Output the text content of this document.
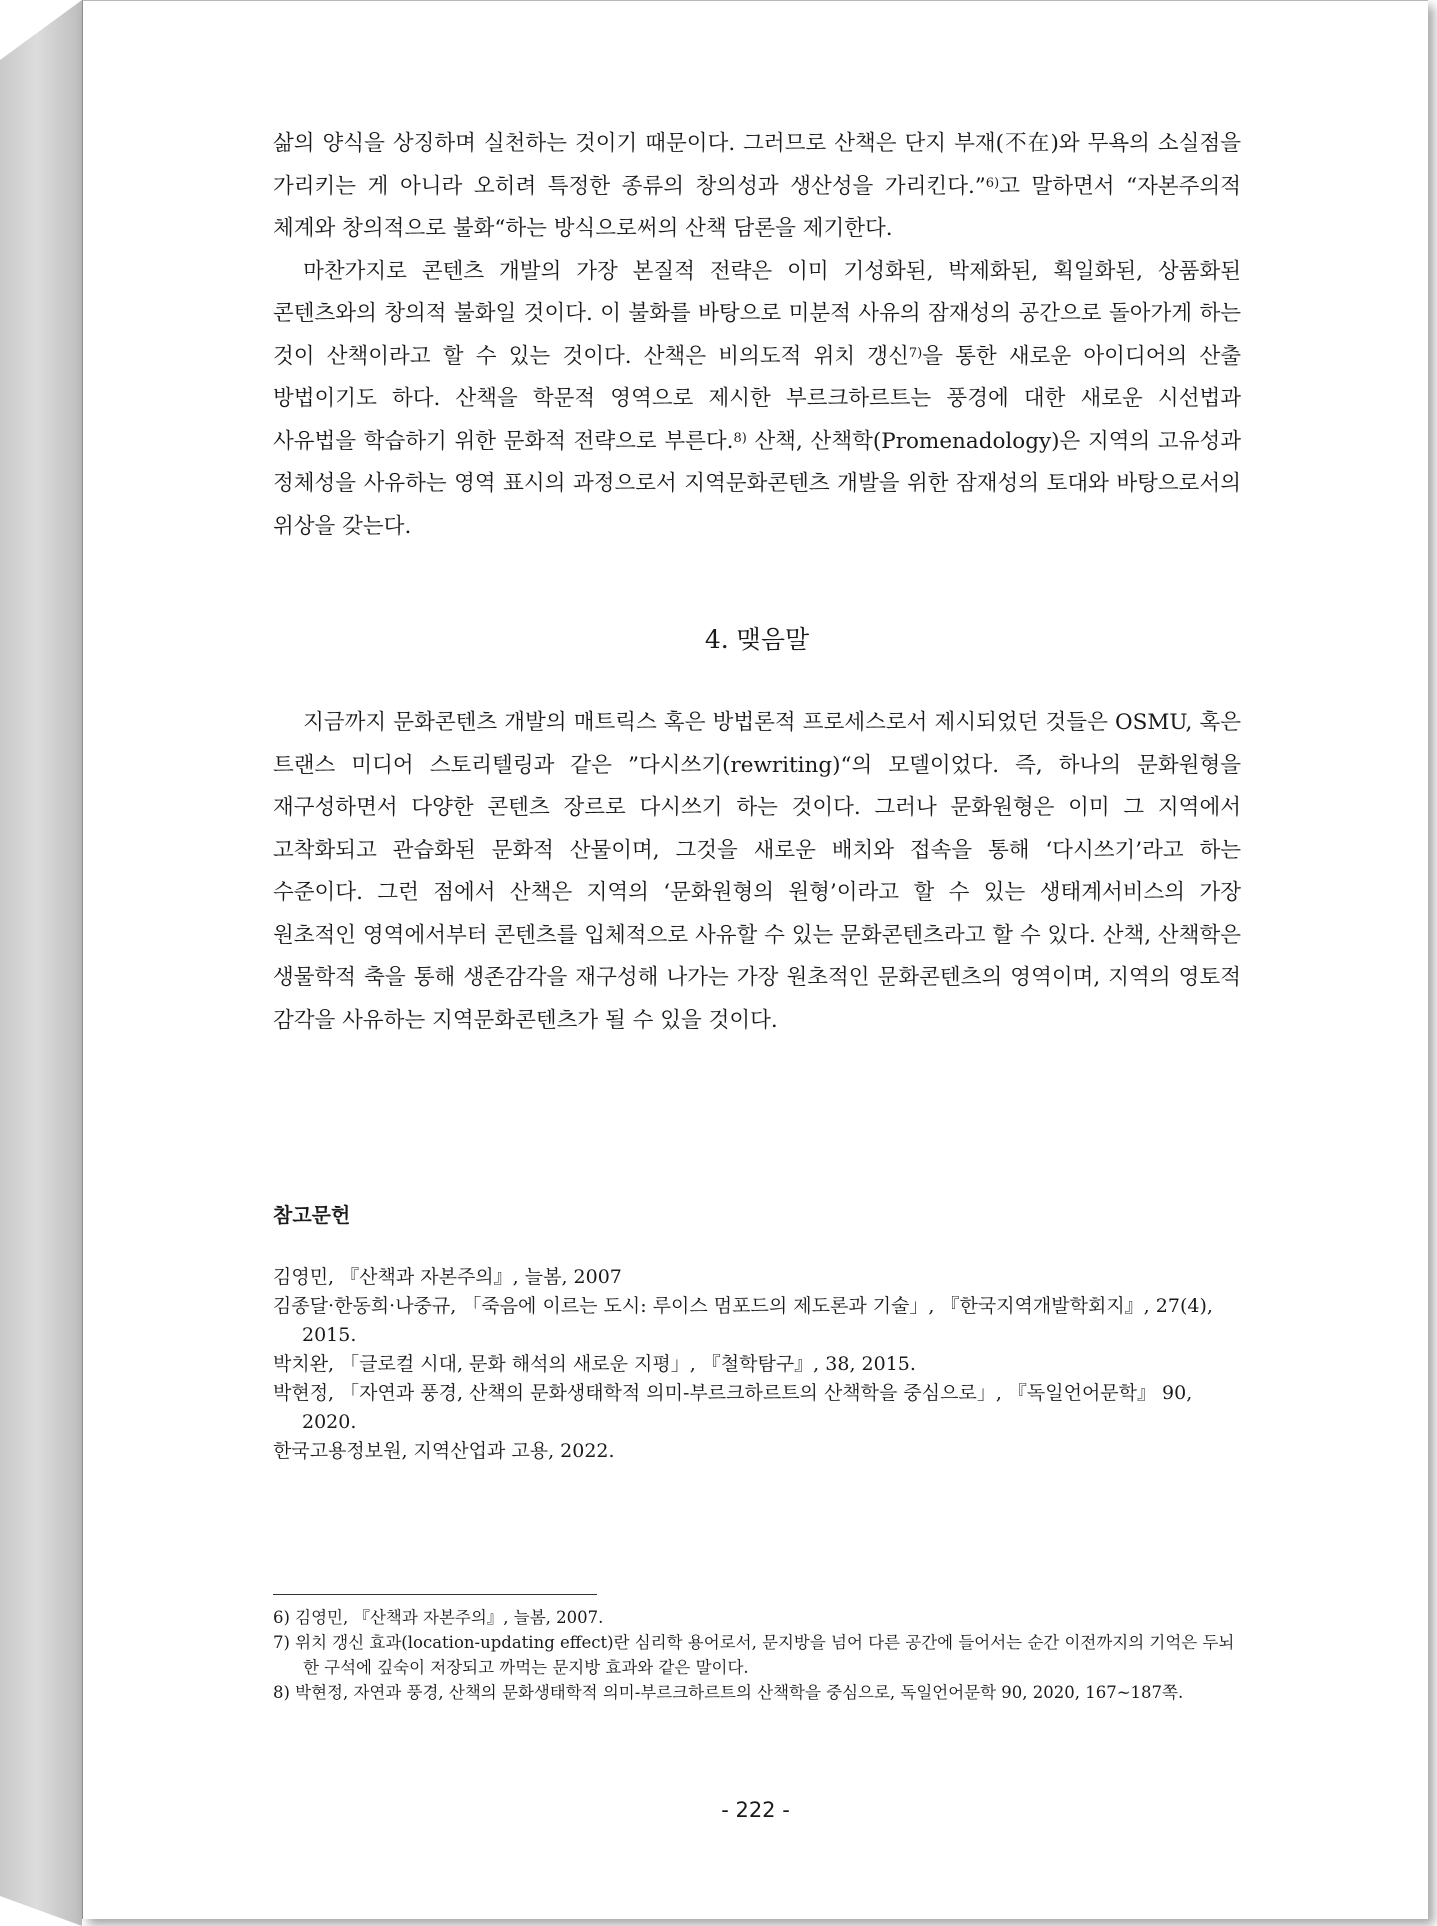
삶의 양식을 상징하며 실천하는 것이기 때문이다. 그러므로 산책은 단지 부재(不在)와 무욕의 소실점을 가리키는 게 아니라 오히려 특정한 종류의 창의성과 생산성을 가리킨다.”$^{6)}$고 말하면서 “자본주의적 체계와 창의적으로 불화“하는 방식으로써의 산책 담론을 제기한다.

마찬가지로 콘텐츠 개발의 가장 본질적 전략은 이미 기성화된, 박제화된, 획일화된, 상품화된 콘텐츠와의 창의적 불화일 것이다. 이 불화를 바탕으로 미분적 사유의 잠재성의 공간으로 돌아가게 하는 것이 산책이라고 할 수 있는 것이다. 산책은 비의도적 위치 갱신$^{7)}$을 통한 새로운 아이디어의 산출 방법이기도 하다. 산책을 학문적 영역으로 제시한 부르크하르트는 풍경에 대한 새로운 시선법과 사유법을 학습하기 위한 문화적 전략으로 부른다.$^{8)}$ 산책, 산책학(Promenadology)은 지역의 고유성과 정체성을 사유하는 영역 표시의 과정으로서 지역문화콘텐츠 개발을 위한 잠재성의 토대와 바탕으로서의 위상을 갖는다.

4. 맺음말

지금까지 문화콘텐츠 개발의 매트릭스 혹은 방법론적 프로세스로서 제시되었던 것들은 OSMU, 혹은 트랜스 미디어 스토리텔링과 같은 ”다시쓰기(rewriting)“의 모델이었다. 즉, 하나의 문화원형을 재구성하면서 다양한 콘텐츠 장르로 다시쓰기 하는 것이다. 그러나 문화원형은 이미 그 지역에서 고착화되고 관습화된 문화적 산물이며, 그것을 새로운 배치와 접속을 통해 ‘다시쓰기’라고 하는 수준이다. 그런 점에서 산책은 지역의 ‘문화원형의 원형’이라고 할 수 있는 생태계서비스의 가장 원초적인 영역에서부터 콘텐츠를 입체적으로 사유할 수 있는 문화콘텐츠라고 할 수 있다. 산책, 산책학은 생물학적 축을 통해 생존감각을 재구성해 나가는 가장 원초적인 문화콘텐츠의 영역이며, 지역의 영토적 감각을 사유하는 지역문화콘텐츠가 될 수 있을 것이다.

참고문헌

김영민, 『산책과 자본주의』, 늘봄, 2007

김종달·한동희·나중규, 「죽음에 이르는 도시: 루이스 멈포드의 제도론과 기술」, 『한국지역개발학회지』, 27(4), 2015.

박치완, 「글로컬 시대, 문화 해석의 새로운 지평」, 『철학탐구』, 38, 2015.

박현정, 「자연과 풍경, 산책의 문화생태학적 의미-부르크하르트의 산책학을 중심으로」, 『독일언어문학』 90, 2020.

한국고용정보원, 지역산업과 고용, 2022.

6) 김영민, 『산책과 자본주의』, 늘봄, 2007.

7) 위치 갱신 효과(location-updating effect)란 심리학 용어로서, 문지방을 넘어 다른 공간에 들어서는 순간 이전까지의 기억은 두뇌 한 구석에 깊숙이 저장되고 까먹는 문지방 효과와 같은 말이다.

8) 박현정, 자연과 풍경, 산책의 문화생태학적 의미-부르크하르트의 산책학을 중심으로, 독일언어문학 90, 2020, 167~187쪽.

- 222 -
